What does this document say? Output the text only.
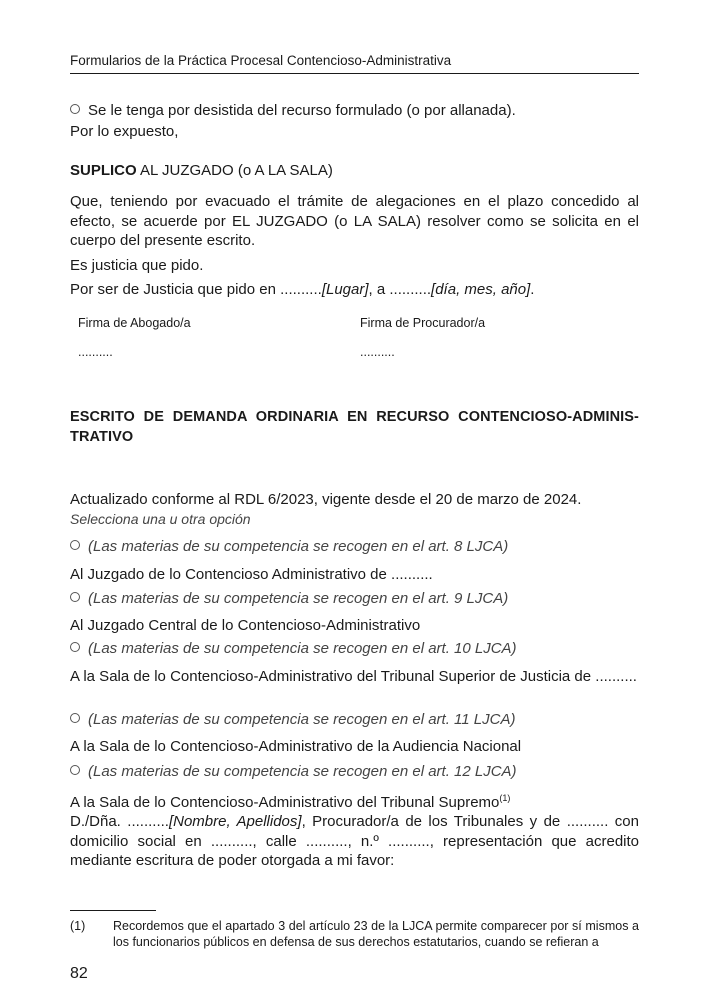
Formularios de la Práctica Procesal Contencioso-Administrativa
Se le tenga por desistida del recurso formulado (o por allanada).
Por lo expuesto,
SUPLICO AL JUZGADO (o A LA SALA)
Que, teniendo por evacuado el trámite de alegaciones en el plazo concedido al efecto, se acuerde por EL JUZGADO (o LA SALA) resolver como se solicita en el cuerpo del presente escrito.
Es justicia que pido.
Por ser de Justicia que pido en ..........[Lugar], a ..........[día, mes, año].
Firma de Abogado/a	Firma de Procurador/a
..........	..........
ESCRITO DE DEMANDA ORDINARIA EN RECURSO CONTENCIOSO-ADMINIS-TRATIVO
Actualizado conforme al RDL 6/2023, vigente desde el 20 de marzo de 2024.
Selecciona una u otra opción
(Las materias de su competencia se recogen en el art. 8 LJCA)
Al Juzgado de lo Contencioso Administrativo de ..........
(Las materias de su competencia se recogen en el art. 9 LJCA)
Al Juzgado Central de lo Contencioso-Administrativo
(Las materias de su competencia se recogen en el art. 10 LJCA)
A la Sala de lo Contencioso-Administrativo del Tribunal Superior de Justicia de ..........
(Las materias de su competencia se recogen en el art. 11 LJCA)
A la Sala de lo Contencioso-Administrativo de la Audiencia Nacional
(Las materias de su competencia se recogen en el art. 12 LJCA)
A la Sala de lo Contencioso-Administrativo del Tribunal Supremo$^{(1)}$
D./Dña. ..........[Nombre, Apellidos], Procurador/a de los Tribunales y de .......... con domicilio social en .........., calle .........., n.º .........., representación que acredito mediante escritura de poder otorgada a mi favor:
(1) Recordemos que el apartado 3 del artículo 23 de la LJCA permite comparecer por sí mismos a los funcionarios públicos en defensa de sus derechos estatutarios, cuando se refieran a
82
